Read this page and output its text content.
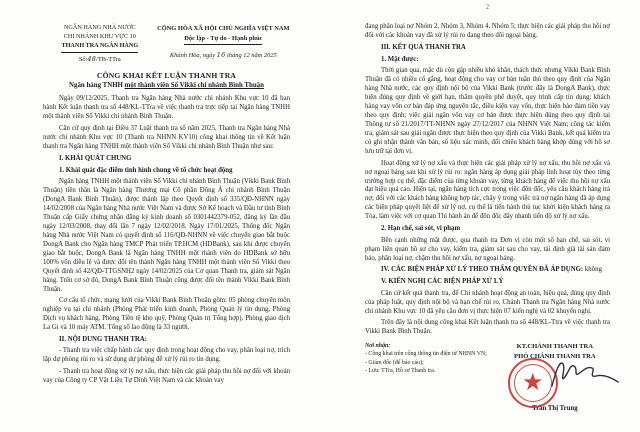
NGÂN HÀNG NHÀ NƯỚC
CHI NHÁNH KHU VỰC 10
THANH TRA NGÂN HÀNG
Số:48/TB-TTra
CỘNG HÒA XÃ HỘI CHỦ NGHĨA VIỆT NAM
Độc lập - Tự do - Hạnh phúc
Khánh Hòa, ngày 16 tháng 12 năm 2025
CÔNG KHAI KẾT LUẬN THANH TRA
Ngân hàng TNHH một thành viên Số Vikki chi nhánh Bình Thuận

Ngày 09/12/2025, Thanh tra Ngân hàng Nhà nước chi nhánh Khu vực 10 đã ban hành Kết luận thanh tra số 448/KL-TTra về việc thanh tra trực tiếp tại Ngân hàng TNHH một thành viên Số Vikki chi nhánh Bình Thuận.

Căn cứ quy định tại Điều 37 Luật thanh tra số năm 2025, Thanh tra Ngân hàng Nhà nước chi nhánh Khu vực 10 (Thanh tra NHNN KV10) công khai thông tin về Kết luận thanh tra Ngân hàng TNHH một thành viên Số Vikki chi nhánh Bình Thuận như sau:

I. KHÁI QUÁT CHUNG

1. Khái quát đặc điểm tình hình chung về tổ chức hoạt động

Ngân hàng TNHH một thành viên Số Vikki chi nhánh Bình Thuận (Vikki Bank Bình Thuận) tiền thân là Ngân hàng Thương mại Cổ phần Đông Á chi nhánh Bình Thuận (DongA Bank Bình Thuận), được thành lập theo Quyết định số 335/QĐ-NHNN ngày 14/02/2008 của Ngân hàng Nhà nước Việt Nam và được Sở Kế hoạch và Đầu tư tỉnh Bình Thuận cấp Giấy chứng nhận đăng ký kinh doanh số 0301442379-052, đăng ký lần đầu ngày 12/03/2008, thay đổi lần 7 ngày 12/02/2018. Ngày 17/01/2025, Thống đốc Ngân hàng Nhà nước Việt Nam có quyết định số 116/QĐ-NHNN về việc chuyển giao bắt buộc DongA Bank cho Ngân hàng TMCP Phát triển TP.HCM (HDBank), sau khi được chuyển giao bắt buộc, DongA Bank là Ngân hàng TNHH một thành viên do HDBank sở hữu 100% vốn điều lệ và được đổi tên thành Ngân hàng TNHH một thành viên Số Vikki theo Quyết định số 42/QĐ-TTGSNH2 ngày 14/02/2025 của Cơ quan Thanh tra, giám sát Ngân hàng. Trên cơ sở đó, DongA Bank Bình Thuận cũng được đổi tên thành Vikki Bank Bình Thuận.

Cơ cấu tổ chức, mạng lưới của Vikki Bank Bình Thuận gồm: 05 phòng chuyên môn nghiệp vụ tại chi nhánh (Phòng Phát triển kinh doanh, Phòng Quản lý tín dụng, Phòng Dịch vụ khách hàng, Phòng Tiền tệ kho quỹ, Phòng Quản trị Tổng hợp), Phòng giao dịch La Gi và 10 máy ATM. Tổng số lao động là 33 người.

II. NỘI DUNG THANH TRA:

- Thanh tra việc chấp hành các quy định trong hoạt động cho vay, phân loại nợ, trích lập dự phòng rủi ro và sử dụng dự phòng để xử lý rủi ro tín dụng.

- Thanh tra hoạt động xử lý nợ xấu, thực hiện các giải pháp thu hồi nợ đối với khoản vay của Công ty CP Vật Liệu Tự Dính Việt Nam và các khoản vay

2

đang phân loại nợ Nhóm 2, Nhóm 3, Nhóm 4, Nhóm 5; thực hiện các giải pháp thu hồi nợ đối với các khoản vay đã xử lý rủi ro đang theo dõi ngoại bảng.

III. KẾT QUẢ THANH TRA

1. Mặt được:

Thời gian qua, mặc dù còn gặp nhiều khó khăn, thách thức nhưng Vikki Bank Bình Thuận đã có nhiều cố gắng, hoạt động cho vay cơ bản tuân thủ theo quy định của Ngân hàng Nhà nước, các quy định nội bộ của Vikki Bank (trước đây là DongA Bank), thực hiện đúng quy định về giới hạn, thẩm quyền phê duyệt, quy trình cấp tín dụng; khách hàng vay vốn cơ bản đáp ứng nguyên tắc, điều kiện vay vốn, thực hiện bảo đảm tiền vay theo quy định; việc giải ngân vốn vay cơ bản được thực hiện đúng theo quy định tại Thông tư số 21/2017/TT-NHNN ngày 27/12/2017 của NHNN Việt Nam; công tác kiểm tra, giám sát sau giải ngân được thực hiện theo quy định của Vikki Bank, kết quả kiểm tra có ghi nhận thành văn bản, số liệu xác minh, đối chiếu khách hàng khớp đúng với hồ sơ lưu trữ tại đơn vị.

Hoạt động xử lý nợ xấu và thực hiện các giải pháp xử lý nợ xấu, thu hồi nợ xấu và nợ ngoại bảng sau khi xử lý rủi ro: ngân hàng áp dụng giải pháp linh hoạt tùy theo từng trường hợp cụ thể, đặc điểm của từng khoản vay, từng khách hàng để việc thu hồi nợ xấu đạt hiệu quả cao. Hiện tại, ngân hàng tích cực trong việc đôn đốc, yêu cầu khách hàng trả nợ; đối với các khách hàng không hợp tác, chây ỳ trong việc trả nợ ngân hàng đã áp dụng các biện pháp quyết liệt để xử lý nợ, cụ thể là tiến hành thủ tục khởi kiện khách hàng ra Tòa, làm việc với cơ quan Thi hành án để đôn đốc đẩy nhanh tiến độ xử lý nợ xấu.

2. Hạn chế, sai sót, vi phạm

Bên cạnh những mặt được, qua thanh tra Đơn vị còn một số hạn chế, sai sót, vi phạm liên quan hồ sơ cho vay, kiểm tra, giám sát sau cho vay, tái định giá tài sản đảm bảo, phân loại nợ, chậm thu hồi nợ xấu, nợ ngoại bảng.

IV. CÁC BIỆN PHÁP XỬ LÝ THEO THẨM QUYỀN ĐÃ ÁP DỤNG: không

V. KIẾN NGHỊ CÁC BIỆN PHÁP XỬ LÝ

Căn cứ kết quả thanh tra, để Chi nhánh hoạt động an toàn, hiệu quả, đúng quy định của pháp luật, quy định nội bộ và hạn chế rủi ro, Chánh Thanh tra Ngân hàng Nhà nước chi nhánh Khu vực 10 đã yêu cầu đơn vị thực hiện 07 kiến nghị và 02 khuyến nghị.

Trên đây là nội dung công khai Kết luận thanh tra số 448/KL-Ttra về việc thanh tra Vikki Bank Bình Thuận.

Nơi nhận:
- Công khai trên cổng thông tin điện tử NHNN VN;
- Giám đốc (để báo cáo);
- Lưu: TTra, Hồ sơ Thanh tra.
KT.CHÁNH THANH TRA
PHÓ CHÁNH THANH TRA
★
Trần Thị Trung
